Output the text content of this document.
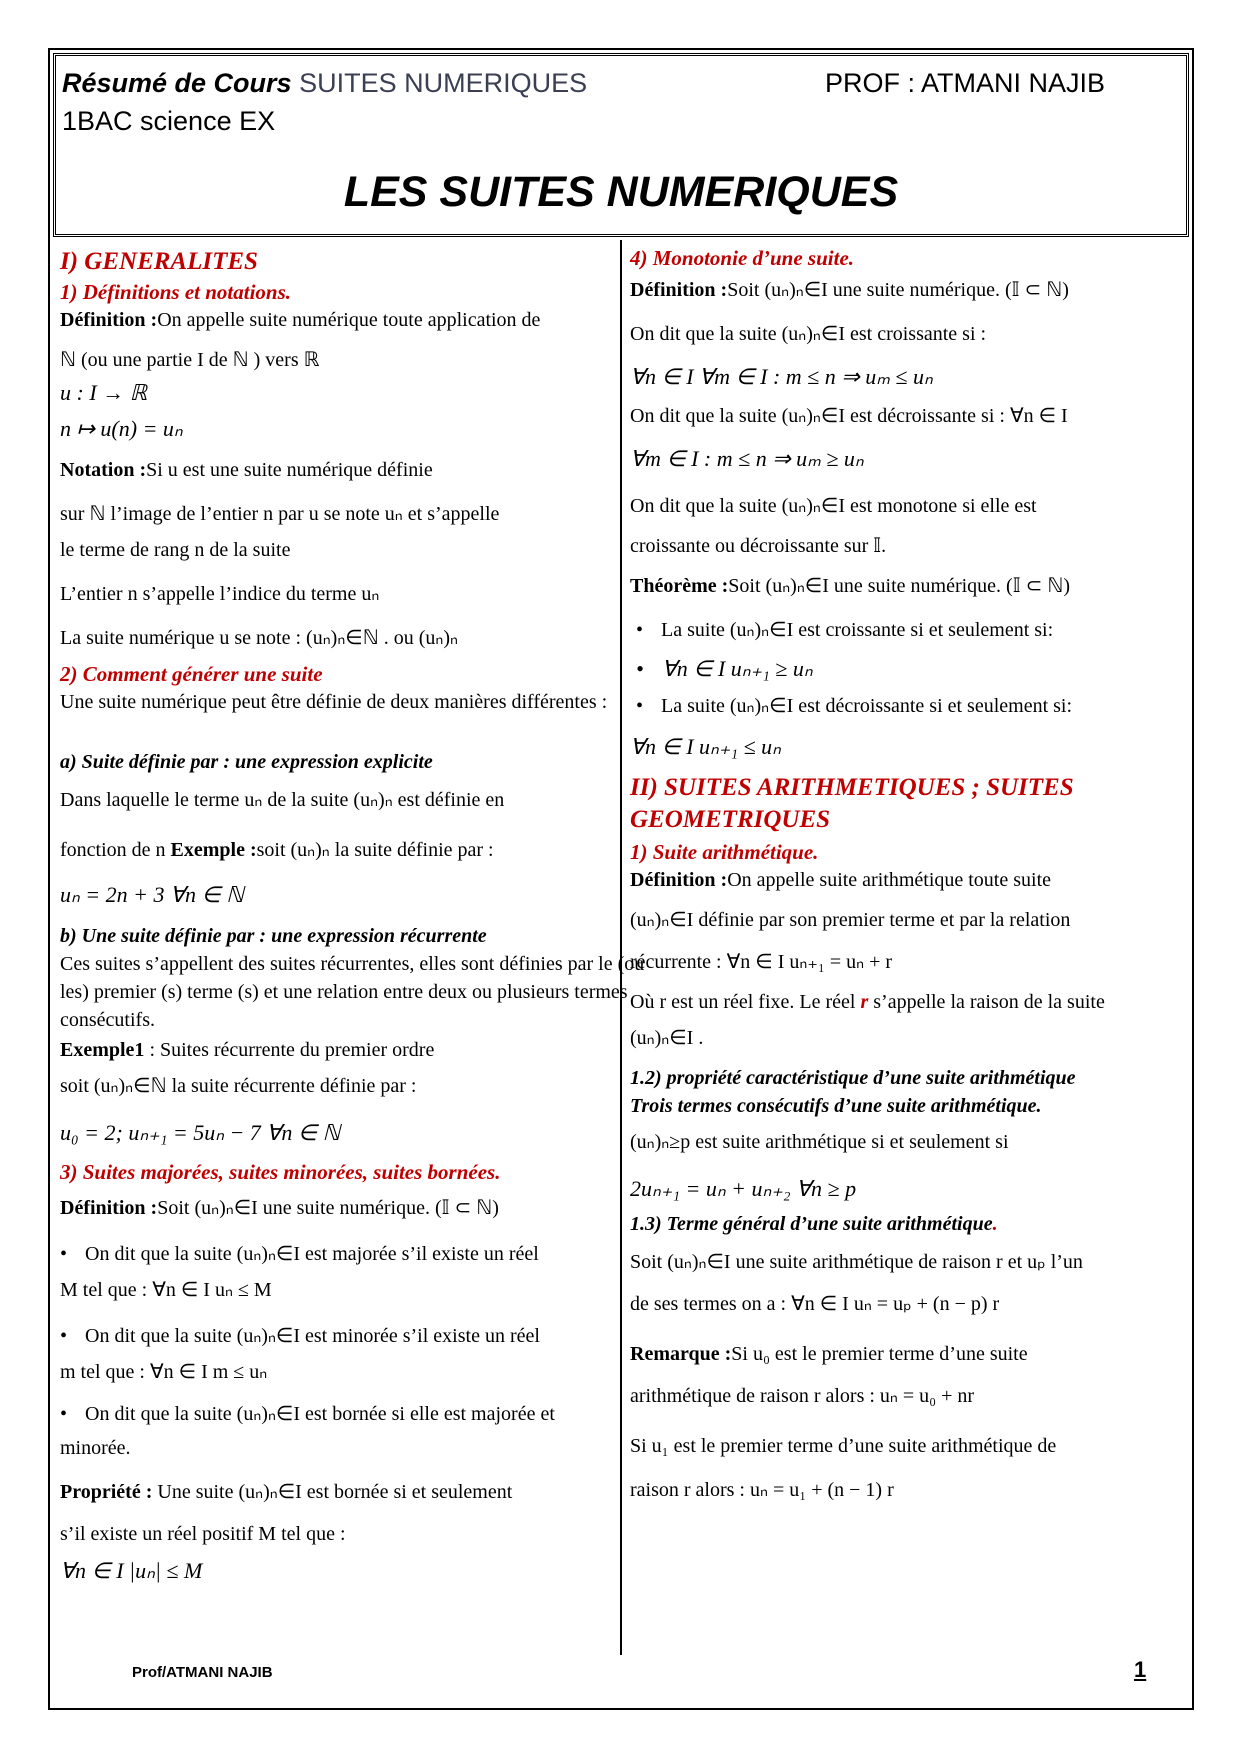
Résumé de Cours SUITES NUMERIQUES	PROF : ATMANI NAJIB
1BAC science EX
LES SUITES NUMERIQUES
I) GENERALITES
1) Définitions et notations.
Définition :On appelle suite numérique toute application de
ℕ (ou une partie I de ℕ ) vers ℝ
u : I → ℝ
n ↦ u(n) = uₙ
Notation :Si u est une suite numérique définie
sur ℕ l’image de l’entier n par u se note uₙ et s’appelle
le terme de rang n de la suite
L’entier n s’appelle l’indice du terme uₙ
La suite numérique u se note : (uₙ)ₙ∈ℕ . ou (uₙ)ₙ
2) Comment générer une suite
Une suite numérique peut être définie de deux manières différentes :
a) Suite définie par : une expression explicite
Dans laquelle le terme uₙ de la suite (uₙ)ₙ est définie en
fonction de n Exemple :soit (uₙ)ₙ la suite définie par :
uₙ = 2n + 3 ∀n ∈ ℕ
b) Une suite définie par : une expression récurrente
Ces suites s’appellent des suites récurrentes, elles sont définies par le (ou les) premier (s) terme (s) et une relation entre deux ou plusieurs termes consécutifs.
Exemple1 : Suites récurrente du premier ordre
soit (uₙ)ₙ∈ℕ la suite récurrente définie par :
u₀ = 2; uₙ₊₁ = 5uₙ − 7 ∀n ∈ ℕ
3) Suites majorées, suites minorées, suites bornées.
Définition :Soit (uₙ)ₙ∈I une suite numérique. (𝕀 ⊂ ℕ)
• On dit que la suite (uₙ)ₙ∈I est majorée s’il existe un réel
M tel que : ∀n ∈ I uₙ ≤ M
• On dit que la suite (uₙ)ₙ∈I est minorée s’il existe un réel
m tel que : ∀n ∈ I m ≤ uₙ
• On dit que la suite (uₙ)ₙ∈I est bornée si elle est majorée et
minorée.
Propriété : Une suite (uₙ)ₙ∈I est bornée si et seulement
s’il existe un réel positif M tel que :
∀n ∈ I |uₙ| ≤ M
4) Monotonie d’une suite.
Définition :Soit (uₙ)ₙ∈I une suite numérique. (𝕀 ⊂ ℕ)
On dit que la suite (uₙ)ₙ∈I est croissante si :
∀n ∈ I ∀m ∈ I : m ≤ n ⇒ uₘ ≤ uₙ
On dit que la suite (uₙ)ₙ∈I est décroissante si : ∀n ∈ I
∀m ∈ I : m ≤ n ⇒ uₘ ≥ uₙ
On dit que la suite (uₙ)ₙ∈I est monotone si elle est
croissante ou décroissante sur 𝕀.
Théorème :Soit (uₙ)ₙ∈I une suite numérique. (𝕀 ⊂ ℕ)
• La suite (uₙ)ₙ∈I est croissante si et seulement si:
• ∀n ∈ I uₙ₊₁ ≥ uₙ
• La suite (uₙ)ₙ∈I est décroissante si et seulement si:
∀n ∈ I uₙ₊₁ ≤ uₙ
II) SUITES ARITHMETIQUES ; SUITES
GEOMETRIQUES
1) Suite arithmétique.
Définition :On appelle suite arithmétique toute suite
(uₙ)ₙ∈I définie par son premier terme et par la relation
récurrente : ∀n ∈ I uₙ₊₁ = uₙ + r
Où r est un réel fixe. Le réel r s’appelle la raison de la suite
(uₙ)ₙ∈I .
1.2) propriété caractéristique d’une suite arithmétique
Trois termes consécutifs d’une suite arithmétique.
(uₙ)ₙ≥p est suite arithmétique si et seulement si
2uₙ₊₁ = uₙ + uₙ₊₂ ∀n ≥ p
1.3) Terme général d’une suite arithmétique.
Soit (uₙ)ₙ∈I une suite arithmétique de raison r et uₚ l’un
de ses termes on a : ∀n ∈ I uₙ = uₚ + (n − p) r
Remarque :Si u₀ est le premier terme d’une suite
arithmétique de raison r alors : uₙ = u₀ + nr
Si u₁ est le premier terme d’une suite arithmétique de
raison r alors : uₙ = u₁ + (n − 1) r
Prof/ATMANI NAJIB	1
